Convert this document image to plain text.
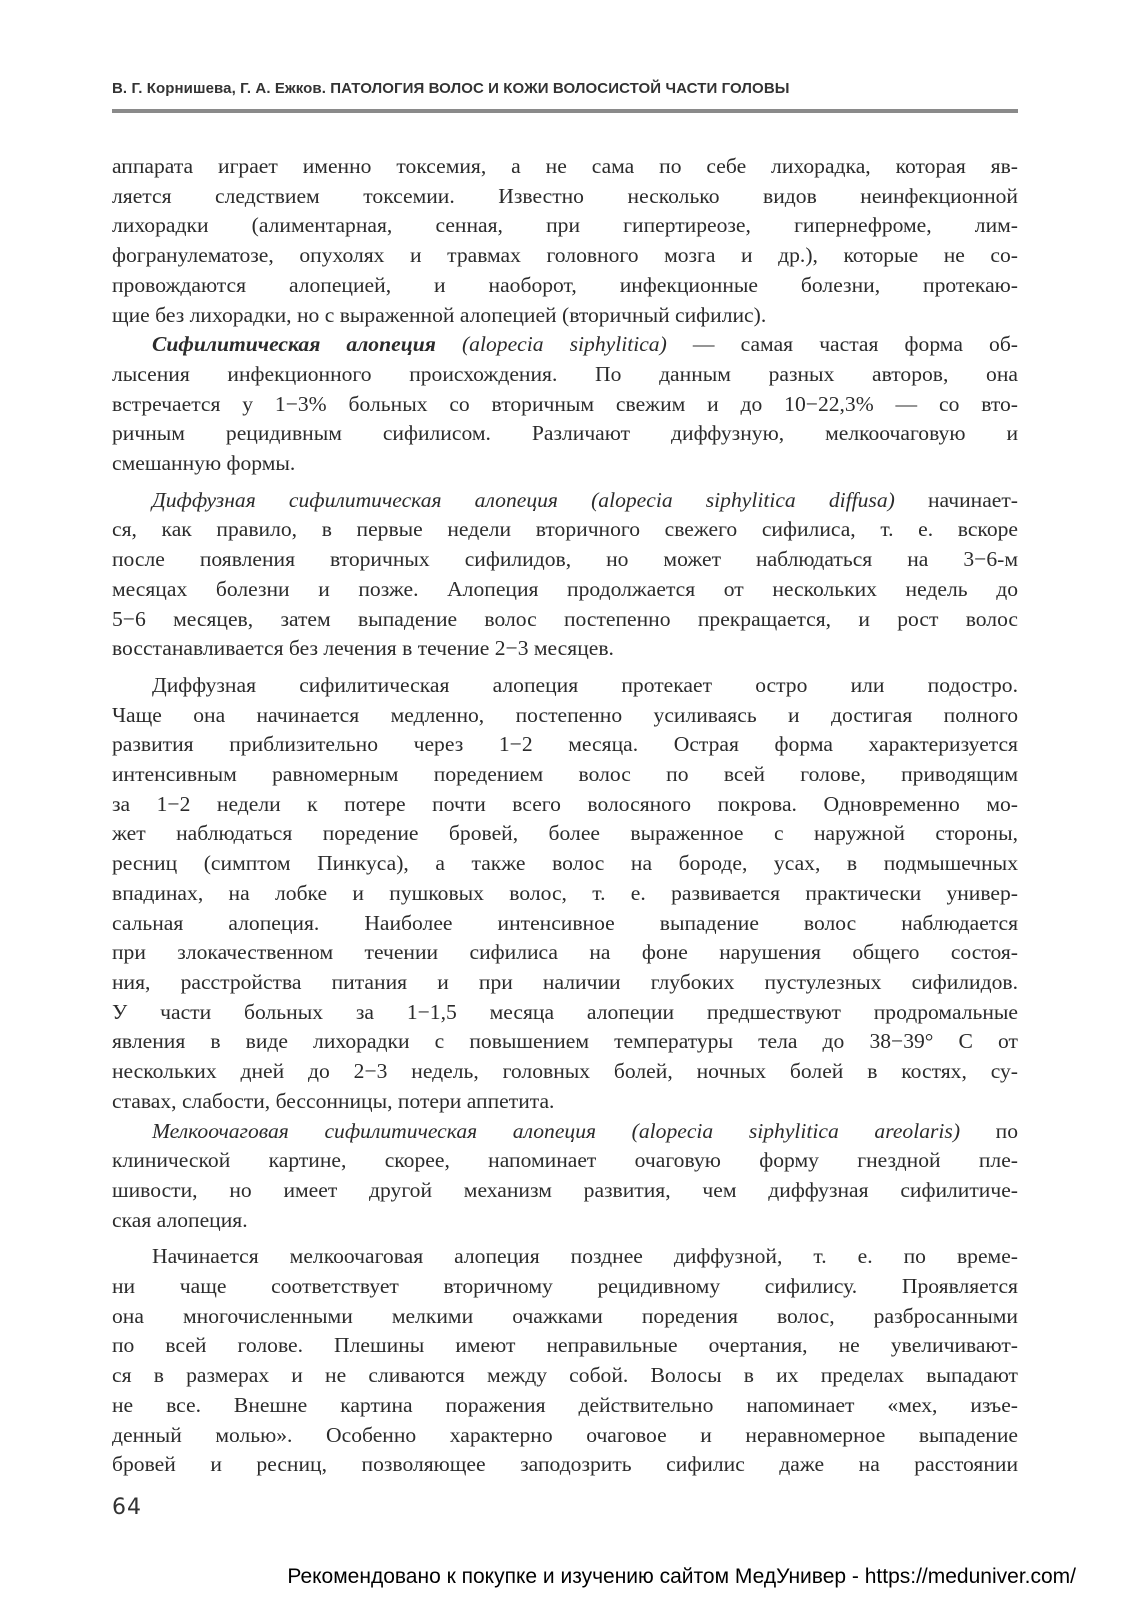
В. Г. Корнишева, Г. А. Ежков. ПАТОЛОГИЯ ВОЛОС И КОЖИ ВОЛОСИСТОЙ ЧАСТИ ГОЛОВЫ

аппарата играет именно токсемия, а не сама по себе лихорадка, которая яв-
ляется следствием токсемии. Известно несколько видов неинфекционной
лихорадки (алиментарная, сенная, при гипертиреозе, гипернефроме, лим-
фогранулематозе, опухолях и травмах головного мозга и др.), которые не со-
провождаются алопецией, и наоборот, инфекционные болезни, протекаю-
щие без лихорадки, но с выраженной алопецией (вторичный сифилис).

Сифилитическая алопеция (alopecia siphylitica) — самая частая форма об-
лысения инфекционного происхождения. По данным разных авторов, она
встречается у 1−3% больных со вторичным свежим и до 10−22,3% — со вто-
ричным рецидивным сифилисом. Различают диффузную, мелкоочаговую и
смешанную формы.

Диффузная сифилитическая алопеция (alopecia siphylitica diffusa) начинает-
ся, как правило, в первые недели вторичного свежего сифилиса, т. е. вскоре
после появления вторичных сифилидов, но может наблюдаться на 3−6-м
месяцах болезни и позже. Алопеция продолжается от нескольких недель до
5−6 месяцев, затем выпадение волос постепенно прекращается, и рост волос
восстанавливается без лечения в течение 2−3 месяцев.

Диффузная сифилитическая алопеция протекает остро или подостро.
Чаще она начинается медленно, постепенно усиливаясь и достигая полного
развития приблизительно через 1−2 месяца. Острая форма характеризуется
интенсивным равномерным поредением волос по всей голове, приводящим
за 1−2 недели к потере почти всего волосяного покрова. Одновременно мо-
жет наблюдаться поредение бровей, более выраженное с наружной стороны,
ресниц (симптом Пинкуса), а также волос на бороде, усах, в подмышечных
впадинах, на лобке и пушковых волос, т. е. развивается практически универ-
сальная алопеция. Наиболее интенсивное выпадение волос наблюдается
при злокачественном течении сифилиса на фоне нарушения общего состоя-
ния, расстройства питания и при наличии глубоких пустулезных сифилидов.
У части больных за 1−1,5 месяца алопеции предшествуют продромальные
явления в виде лихорадки с повышением температуры тела до 38−39° С от
нескольких дней до 2−3 недель, головных болей, ночных болей в костях, су-
ставах, слабости, бессонницы, потери аппетита.

Мелкоочаговая сифилитическая алопеция (alopecia siphylitica areolaris) по
клинической картине, скорее, напоминает очаговую форму гнездной пле-
шивости, но имеет другой механизм развития, чем диффузная сифилитиче-
ская алопеция.

Начинается мелкоочаговая алопеция позднее диффузной, т. е. по време-
ни чаще соответствует вторичному рецидивному сифилису. Проявляется
она многочисленными мелкими очажками поредения волос, разбросанными
по всей голове. Плешины имеют неправильные очертания, не увеличивают-
ся в размерах и не сливаются между собой. Волосы в их пределах выпадают
не все. Внешне картина поражения действительно напоминает «мех, изъе-
денный молью». Особенно характерно очаговое и неравномерное выпадение
бровей и ресниц, позволяющее заподозрить сифилис даже на расстоянии

64
Рекомендовано к покупке и изучению сайтом МедУнивер - https://meduniver.com/
